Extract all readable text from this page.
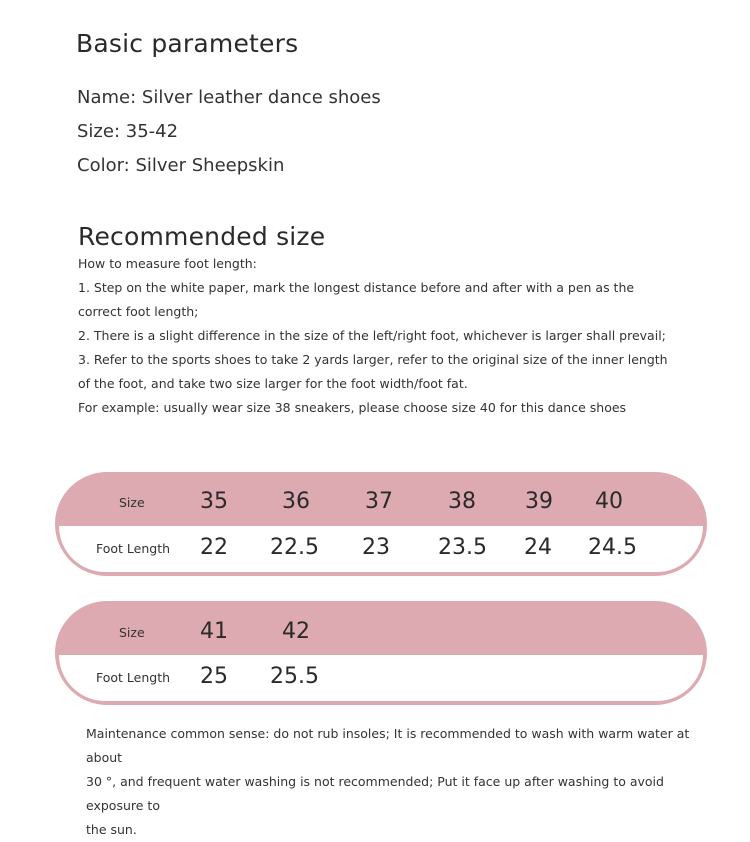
Basic parameters
Name: Silver leather dance shoes
Size: 35-42
Color: Silver Sheepskin
Recommended size
How to measure foot length:
1. Step on the white paper, mark the longest distance before and after with a pen as the
correct foot length;
2. There is a slight difference in the size of the left/right foot, whichever is larger shall prevail;
3. Refer to the sports shoes to take 2 yards larger, refer to the original size of the inner length
of the foot, and take two size larger for the foot width/foot fat.
For example: usually wear size 38 sneakers, please choose size 40 for this dance shoes
Size	35 36	37	38 39 40
Foot Length 22 22.5 23 23.5 24 24.5
Size	41 42
Foot Length 25 25.5
Maintenance common sense: do not rub insoles; It is recommended to wash with warm water at about
30 °, and frequent water washing is not recommended; Put it face up after washing to avoid exposure to
the sun.
